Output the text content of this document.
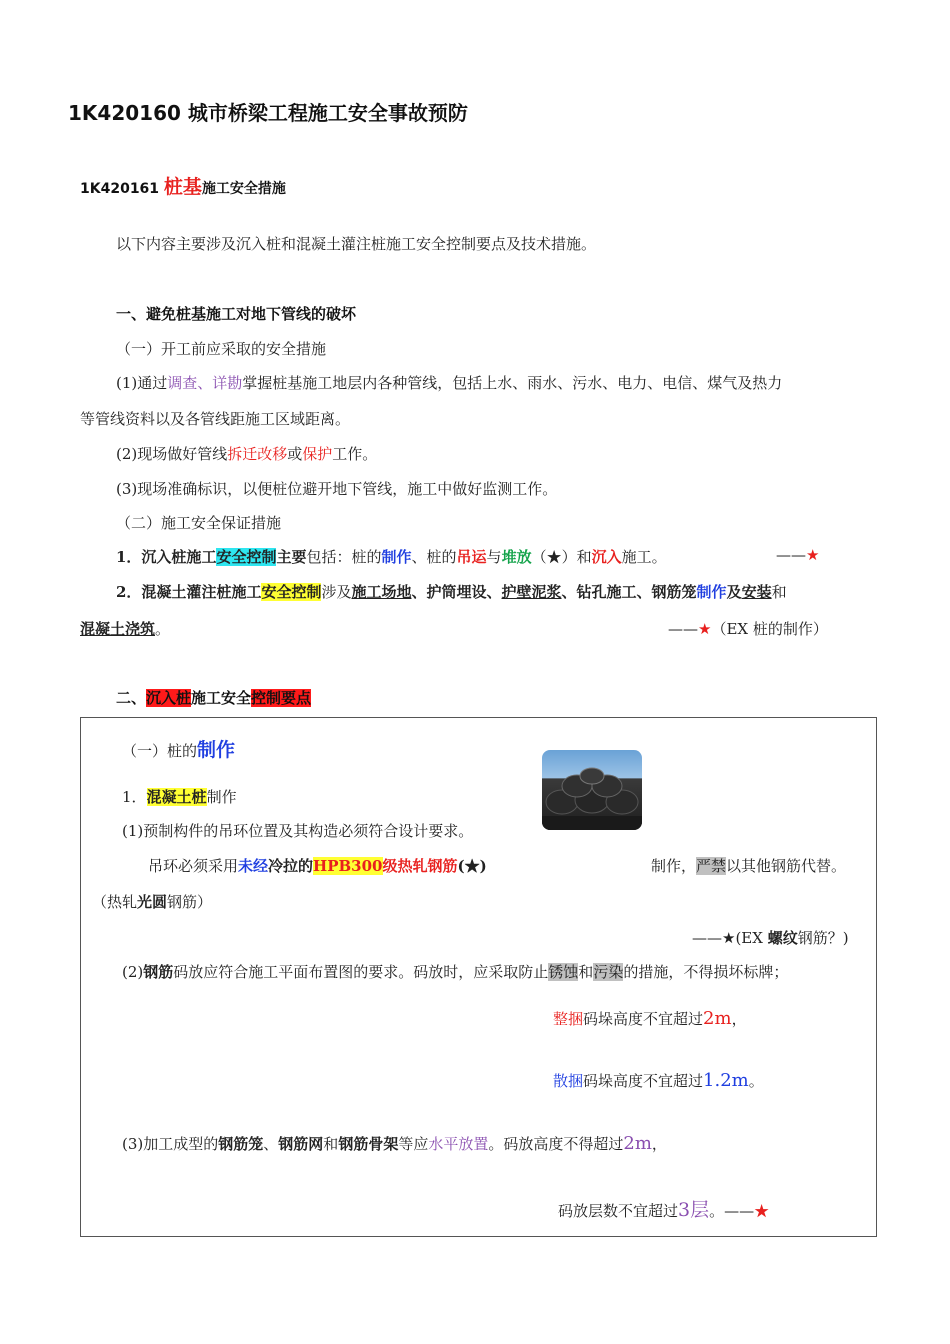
1K420160 城市桥梁工程施工安全事故预防
1K420161 桩基施工安全措施
以下内容主要涉及沉入桩和混凝土灌注桩施工安全控制要点及技术措施。
一、避免桩基施工对地下管线的破坏
（一）开工前应采取的安全措施
(1)通过调查、详勘掌握桩基施工地层内各种管线，包括上水、雨水、污水、电力、电信、煤气及热力
等管线资料以及各管线距施工区域距离。
(2)现场做好管线拆迁改移或保护工作。
(3)现场准确标识，以便桩位避开地下管线，施工中做好监测工作。
（二）施工安全保证措施
1．沉入桩施工安全控制主要包括：桩的制作、桩的吊运与堆放（★）和沉入施工。	——★
2．混凝土灌注桩施工安全控制涉及施工场地、护筒埋设、护壁泥浆、钻孔施工、钢筋笼制作及安装和
混凝土浇筑。	——★（EX 桩的制作）
二、沉入桩施工安全控制要点
（一）桩的制作
1．混凝土桩制作
(1)预制构件的吊环位置及其构造必须符合设计要求。
吊环必须采用未经冷拉的HPB300级热轧钢筋(★)	制作，严禁以其他钢筋代替。
（热轧光圆钢筋）
——★(EX 螺纹钢筋？)
(2)钢筋码放应符合施工平面布置图的要求。码放时，应采取防止锈蚀和污染的措施，不得损坏标牌；
整捆码垛高度不宜超过2m，
散捆码垛高度不宜超过1.2m。
(3)加工成型的钢筋笼、钢筋网和钢筋骨架等应水平放置。码放高度不得超过2m，
码放层数不宜超过3层。——★
